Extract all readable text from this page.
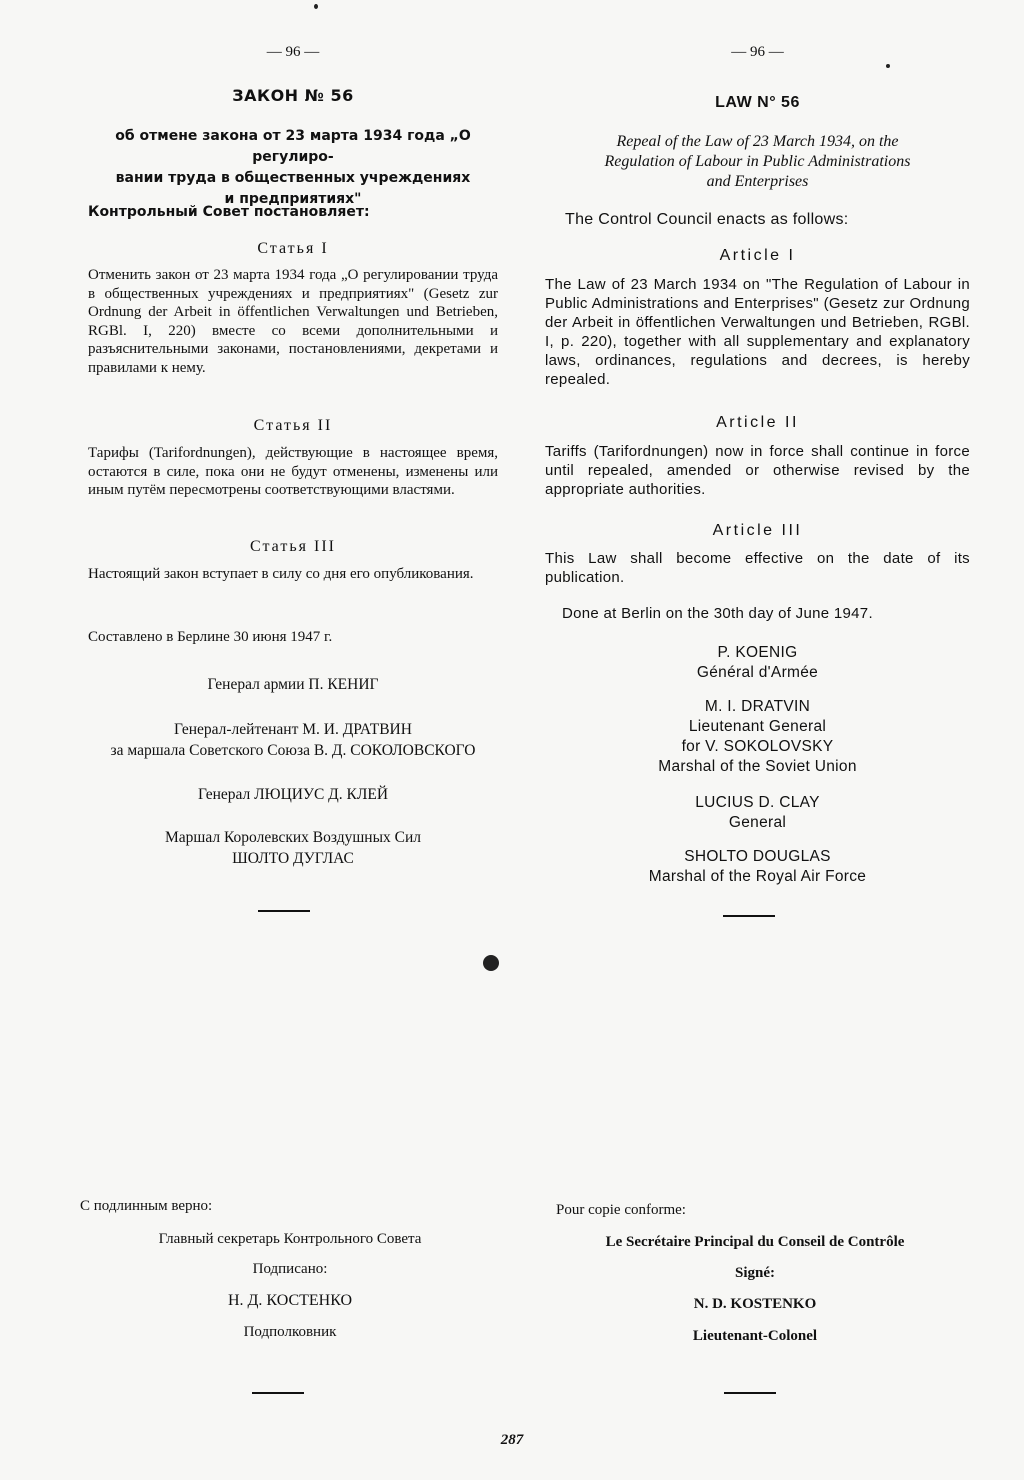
— 96 —
ЗАКОН № 56
об отмене закона от 23 марта 1934 года „О регулиро-
вании труда в общественных учреждениях
и предприятиях"
Контрольный Совет постановляет:
Статья I
Отменить закон от 23 марта 1934 года „О регулировании труда в общественных учреждениях и предприятиях" (Gesetz zur Ordnung der Arbeit in öffentlichen Verwaltungen und Betrieben, RGBl. I, 220) вместе со всеми дополнительными и разъяснительными законами, постановлениями, декретами и правилами к нему.
Статья II
Тарифы (Tarifordnungen), действующие в настоящее время, остаются в силе, пока они не будут отменены, изменены или иным путём пересмотрены соответствующими властями.
Статья III
Настоящий закон вступает в силу со дня его опубликования.
Составлено в Берлине 30 июня 1947 г.
Генерал армии П. КЕНИГ
Генерал-лейтенант М. И. ДРАТВИН
за маршала Советского Союза В. Д. СОКОЛОВСКОГО
Генерал ЛЮЦИУС Д. КЛЕЙ
Маршал Королевских Воздушных Сил
ШОЛТО ДУГЛАС
— 96 —
LAW N° 56
Repeal of the Law of 23 March 1934, on the
Regulation of Labour in Public Administrations
and Enterprises
The Control Council enacts as follows:
Article I
The Law of 23 March 1934 on "The Regulation of Labour in Public Administrations and Enterprises" (Gesetz zur Ordnung der Arbeit in öffentlichen Verwaltungen und Betrieben, RGBl. I, p. 220), together with all supplementary and explanatory laws, ordinances, regulations and decrees, is hereby repealed.
Article II
Tariffs (Tarifordnungen) now in force shall continue in force until repealed, amended or otherwise revised by the appropriate authorities.
Article III
This Law shall become effective on the date of its publication.
Done at Berlin on the 30th day of June 1947.
P. KOENIG
Général d'Armée
M. I. DRATVIN
Lieutenant General
for V. SOKOLOVSKY
Marshal of the Soviet Union
LUCIUS D. CLAY
General
SHOLTO DOUGLAS
Marshal of the Royal Air Force
С подлинным верно:
Главный секретарь Контрольного Совета
Подписано:
Н. Д. КОСТЕНКО
Подполковник
Pour copie conforme:
Le Secrétaire Principal du Conseil de Contrôle
Signé:
N. D. KOSTENKO
Lieutenant-Colonel
287
